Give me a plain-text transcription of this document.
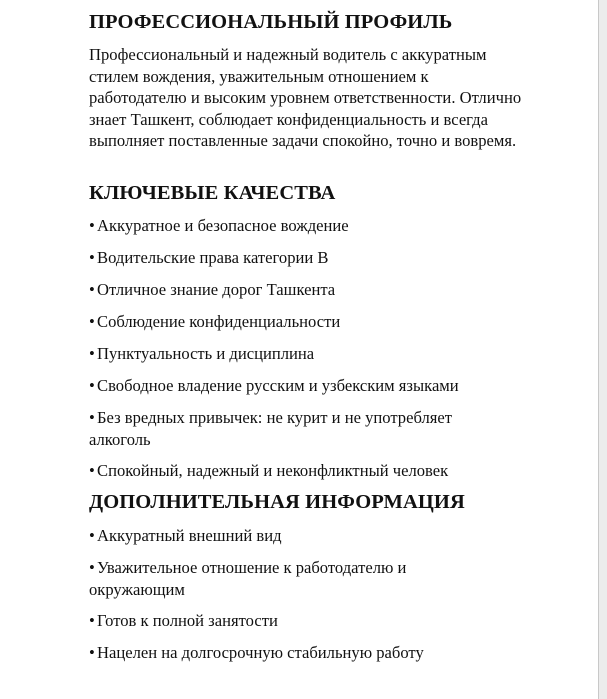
ПРОФЕССИОНАЛЬНЫЙ ПРОФИЛЬ

Профессиональный и надежный водитель с аккуратным стилем вождения, уважительным отношением к работодателю и высоким уровнем ответственности. Отлично знает Ташкент, соблюдает конфиденциальность и всегда выполняет поставленные задачи спокойно, точно и вовремя.

КЛЮЧЕВЫЕ КАЧЕСТВА
• Аккуратное и безопасное вождение
• Водительские права категории B
• Отличное знание дорог Ташкента
• Соблюдение конфиденциальности
• Пунктуальность и дисциплина
• Свободное владение русским и узбекским языками
• Без вредных привычек: не курит и не употребляет алкоголь
• Спокойный, надежный и неконфликтный человек
ДОПОЛНИТЕЛЬНАЯ ИНФОРМАЦИЯ
• Аккуратный внешний вид
• Уважительное отношение к работодателю и окружающим
• Готов к полной занятости
• Нацелен на долгосрочную стабильную работу
